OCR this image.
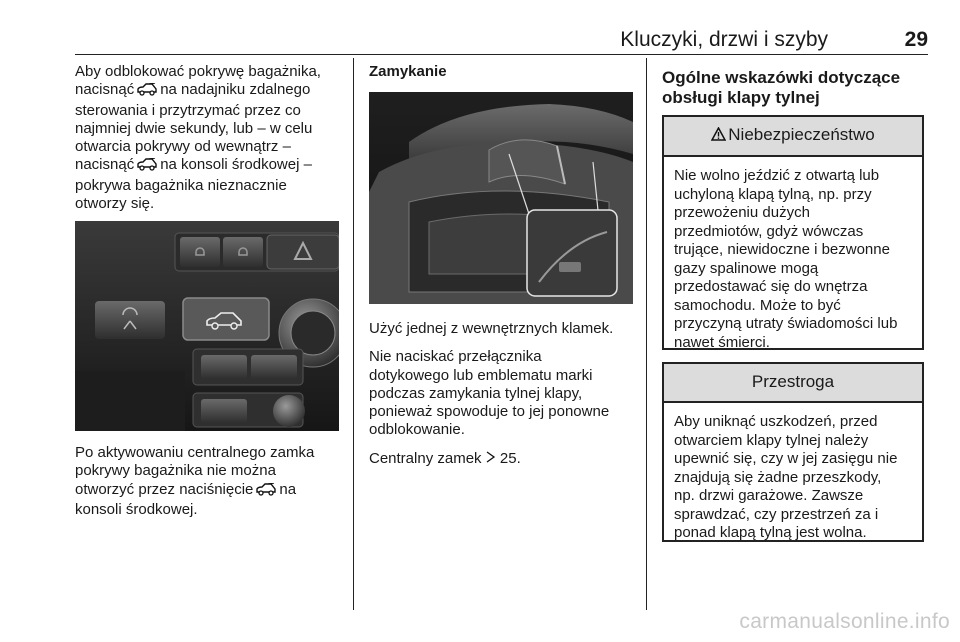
Kluczyki, drzwi i szyby	29

Aby odblokować pokrywę bagażnika,

nacisnąć na nadajniku zdalnego

sterowania i przytrzymać przez co

najmniej dwie sekundy, lub – w celu

otwarcia pokrywy od wewnątrz –

nacisnąć na konsoli środkowej –

pokrywa bagażnika nieznacznie

otworzy się.

Po aktywowaniu centralnego zamka

pokrywy bagażnika nie można

otworzyć przez naciśnięcie na

konsoli środkowej.

Zamykanie

Użyć jednej z wewnętrznych klamek.

Nie naciskać przełącznika

dotykowego lub emblematu marki

podczas zamykania tylnej klapy,

ponieważ spowoduje to jej ponowne

odblokowanie.

Centralny zamek 25.

Ogólne wskazówki dotyczące

obsługi klapy tylnej

Niebezpieczeństwo
Nie wolno jeździć z otwartą lub
uchyloną klapą tylną, np. przy
przewożeniu dużych
przedmiotów, gdyż wówczas
trujące, niewidoczne i bezwonne
gazy spalinowe mogą
przedostawać się do wnętrza
samochodu. Może to być
przyczyną utraty świadomości lub
nawet śmierci.
Przestroga
Aby uniknąć uszkodzeń, przed
otwarciem klapy tylnej należy
upewnić się, czy w jej zasięgu nie
znajdują się żadne przeszkody,
np. drzwi garażowe. Zawsze
sprawdzać, czy przestrzeń za i
ponad klapą tylną jest wolna.
carmanualsonline.info
